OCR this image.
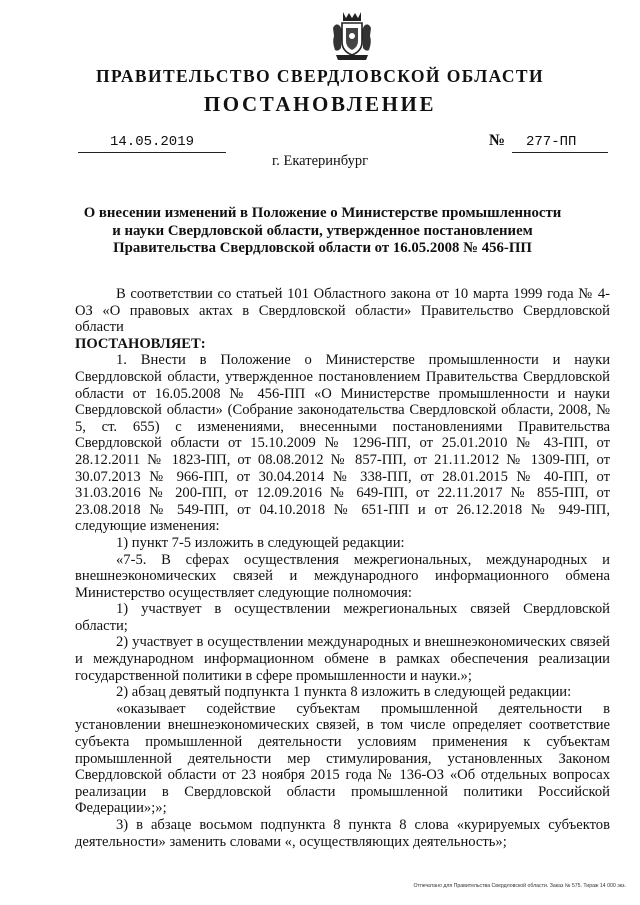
ПРАВИТЕЛЬСТВО СВЕРДЛОВСКОЙ ОБЛАСТИ
ПОСТАНОВЛЕНИЕ
14.05.2019	№ 277-ПП
г. Екатеринбург
О внесении изменений в Положение о Министерстве промышленности и науки Свердловской области, утвержденное постановлением Правительства Свердловской области от 16.05.2008 № 456-ПП

В соответствии со статьей 101 Областного закона от 10 марта 1999 года № 4-ОЗ «О правовых актах в Свердловской области» Правительство Свердловской области

ПОСТАНОВЛЯЕТ:

1. Внести в Положение о Министерстве промышленности и науки Свердловской области, утвержденное постановлением Правительства Свердловской области от 16.05.2008 № 456-ПП «О Министерстве промышленности и науки Свердловской области» (Собрание законодательства Свердловской области, 2008, № 5, ст. 655) с изменениями, внесенными постановлениями Правительства Свердловской области от 15.10.2009 № 1296-ПП, от 25.01.2010 № 43-ПП, от 28.12.2011 № 1823-ПП, от 08.08.2012 № 857-ПП, от 21.11.2012 № 1309-ПП, от 30.07.2013 № 966-ПП, от 30.04.2014 № 338-ПП, от 28.01.2015 № 40-ПП, от 31.03.2016 № 200-ПП, от 12.09.2016 № 649-ПП, от 22.11.2017 № 855-ПП, от 23.08.2018 № 549-ПП, от 04.10.2018 № 651-ПП и от 26.12.2018 № 949-ПП, следующие изменения:

1) пункт 7-5 изложить в следующей редакции:

«7-5. В сферах осуществления межрегиональных, международных и внешнеэкономических связей и международного информационного обмена Министерство осуществляет следующие полномочия:

1) участвует в осуществлении межрегиональных связей Свердловской области;

2) участвует в осуществлении международных и внешнеэкономических связей и международном информационном обмене в рамках обеспечения реализации государственной политики в сфере промышленности и науки.»;

2) абзац девятый подпункта 1 пункта 8 изложить в следующей редакции:

«оказывает содействие субъектам промышленной деятельности в установлении внешнеэкономических связей, в том числе определяет соответствие субъекта промышленной деятельности условиям применения к субъектам промышленной деятельности мер стимулирования, установленных Законом Свердловской области от 23 ноября 2015 года № 136-ОЗ «Об отдельных вопросах реализации в Свердловской области промышленной политики Российской Федерации»;»;

3) в абзаце восьмом подпункта 8 пункта 8 слова «курируемых субъектов деятельности» заменить словами «, осуществляющих деятельность»;

Отпечатано для Правительства Свердловской области. Заказ № 575. Тираж 14 000 экз.
